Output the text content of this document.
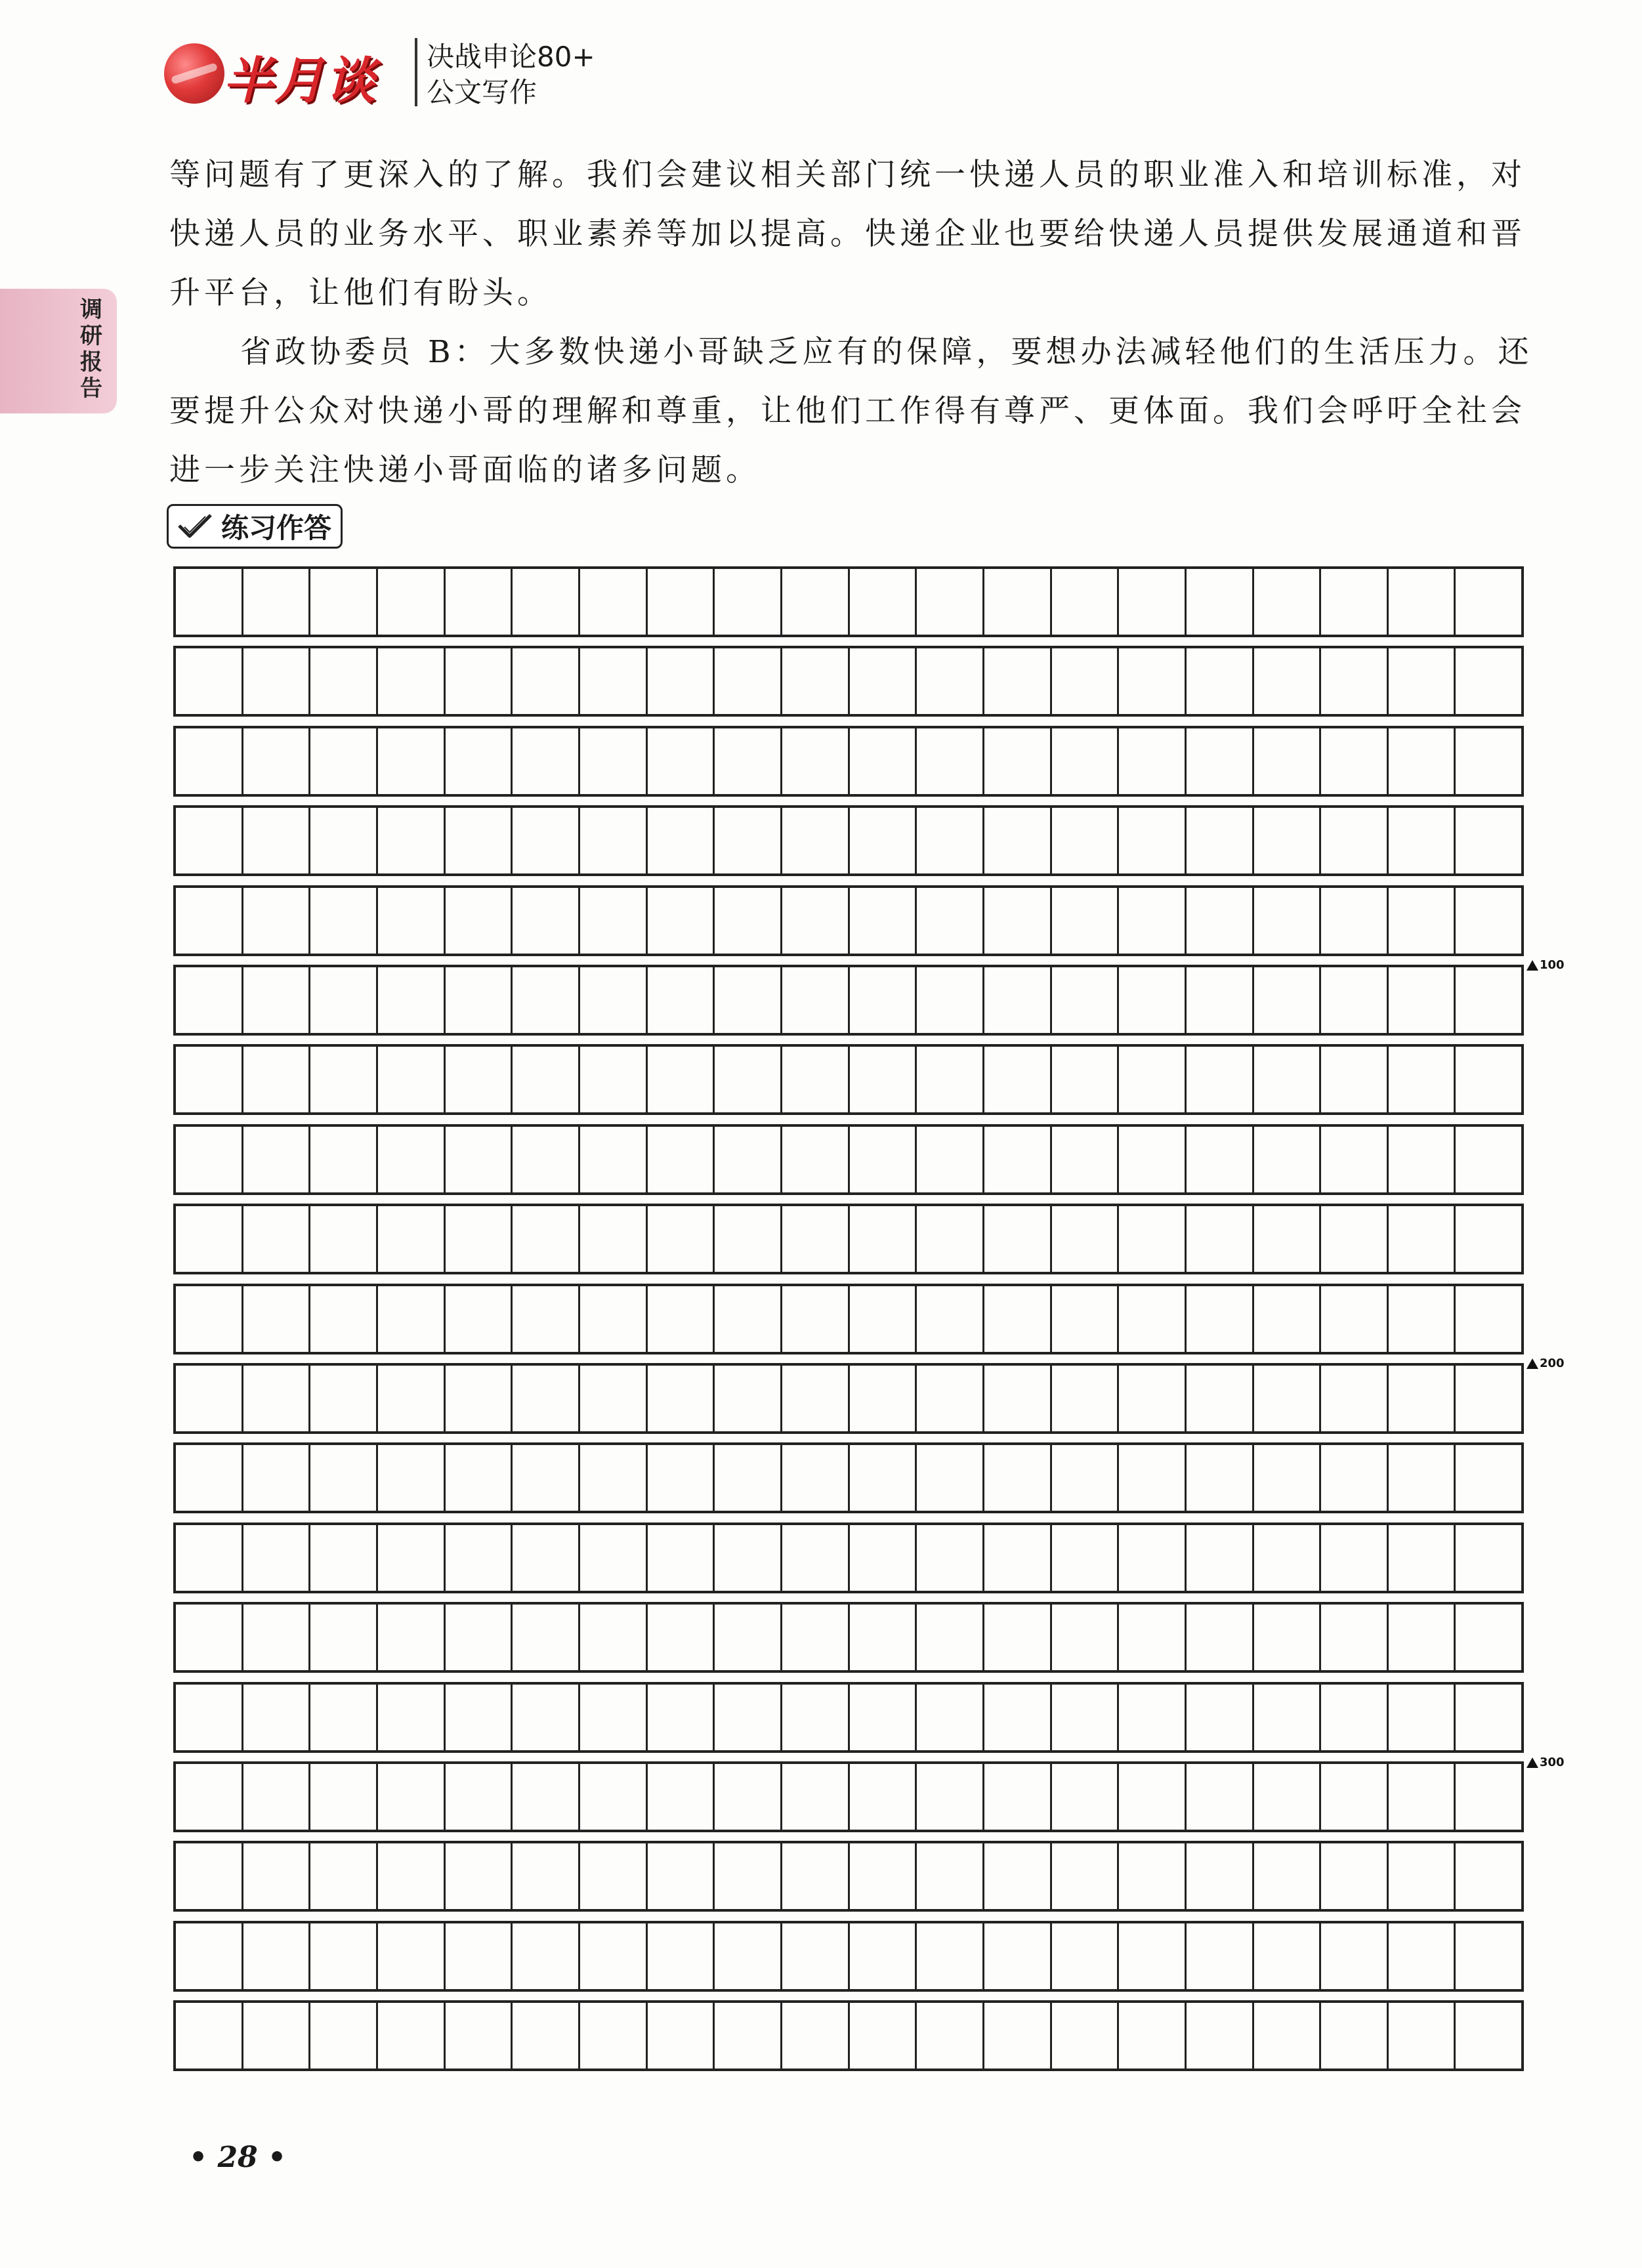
半月谈 决战申论80+
公文写作
调研报告

等问题有了更深入的了解。我们会建议相关部门统一快递人员的职业准入和培训标准，对快递人员的业务水平、职业素养等加以提高。快递企业也要给快递人员提供发展通道和晋升平台，让他们有盼头。

省政协委员 B：大多数快递小哥缺乏应有的保障，要想办法减轻他们的生活压力。还要提升公众对快递小哥的理解和尊重，让他们工作得有尊严、更体面。我们会呼吁全社会进一步关注快递小哥面临的诸多问题。

练习作答
100
200
300
• 28 •
